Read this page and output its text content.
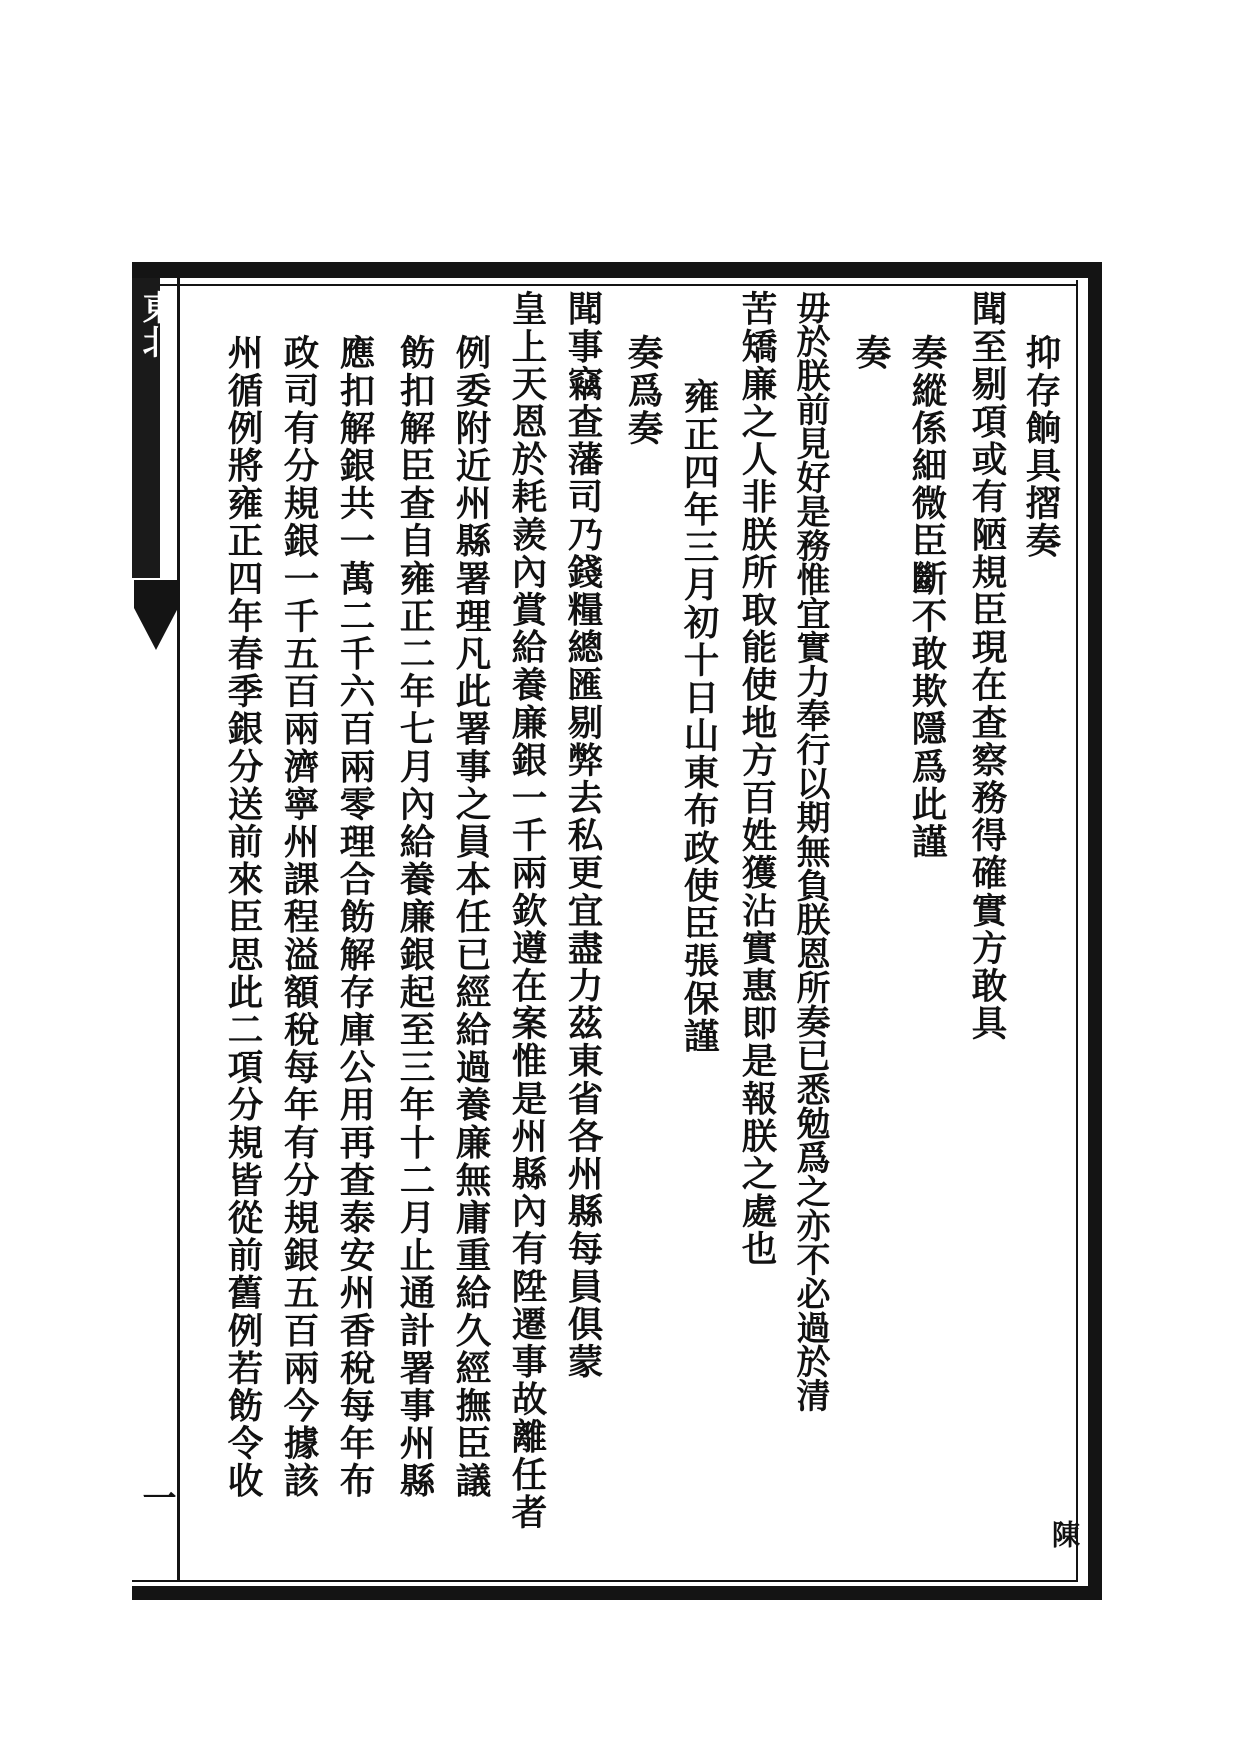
東北
一
陳
抑存餉具摺奏
聞至剔項或有陋規臣現在查察務得確實方敢具
奏縱係細微臣斷不敢欺隱爲此謹
奏
毋於朕前見好是務惟宜實力奉行以期無負朕恩所奏已悉勉爲之亦不必過於清
苦矯廉之人非朕所取能使地方百姓獲沾實惠即是報朕之處也
雍正四年三月初十日山東布政使臣張保謹
奏爲奏
聞事竊查藩司乃錢糧總匯剔弊去私更宜盡力茲東省各州縣每員俱蒙
皇上天恩於耗羨內賞給養廉銀一千兩欽遵在案惟是州縣內有陞遷事故離任者
例委附近州縣署理凡此署事之員本任已經給過養廉無庸重給久經撫臣議
飭扣解臣查自雍正二年七月內給養廉銀起至三年十二月止通計署事州縣
應扣解銀共一萬二千六百兩零理合飭解存庫公用再查泰安州香稅每年布
政司有分規銀一千五百兩濟寧州課程溢額稅每年有分規銀五百兩今據該
州循例將雍正四年春季銀分送前來臣思此二項分規皆從前舊例若飭令收
